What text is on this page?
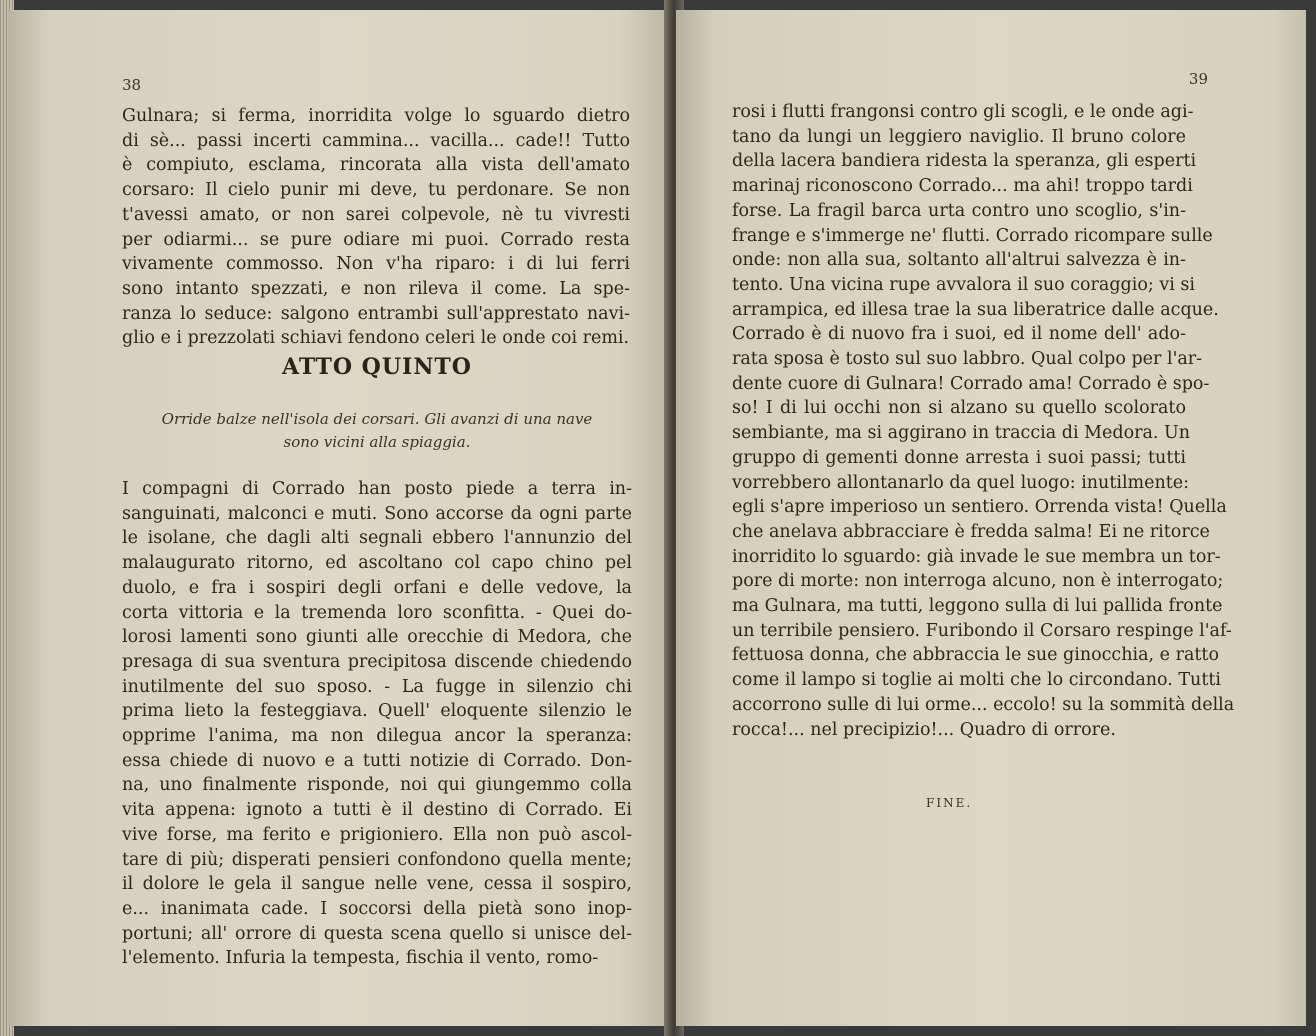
38
Gulnara; si ferma, inorridita volge lo sguardo dietro
di sè... passi incerti cammina... vacilla... cade!! Tutto
è compiuto, esclama, rincorata alla vista dell'amato
corsaro: Il cielo punir mi deve, tu perdonare. Se non
t'avessi amato, or non sarei colpevole, nè tu vivresti
per odiarmi... se pure odiare mi puoi. Corrado resta
vivamente commosso. Non v'ha riparo: i di lui ferri
sono intanto spezzati, e non rileva il come. La spe-
ranza lo seduce: salgono entrambi sull'apprestato navi-
glio e i prezzolati schiavi fendono celeri le onde coi remi.
ATTO QUINTO
Orride balze nell'isola dei corsari. Gli avanzi di una nave
sono vicini alla spiaggia.
I compagni di Corrado han posto piede a terra in-
sanguinati, malconci e muti. Sono accorse da ogni parte
le isolane, che dagli alti segnali ebbero l'annunzio del
malaugurato ritorno, ed ascoltano col capo chino pel
duolo, e fra i sospiri degli orfani e delle vedove, la
corta vittoria e la tremenda loro sconfitta. - Quei do-
lorosi lamenti sono giunti alle orecchie di Medora, che
presaga di sua sventura precipitosa discende chiedendo
inutilmente del suo sposo. - La fugge in silenzio chi
prima lieto la festeggiava. Quell' eloquente silenzio le
opprime l'anima, ma non dilegua ancor la speranza:
essa chiede di nuovo e a tutti notizie di Corrado. Don-
na, uno finalmente risponde, noi qui giungemmo colla
vita appena: ignoto a tutti è il destino di Corrado. Ei
vive forse, ma ferito e prigioniero. Ella non può ascol-
tare di più; disperati pensieri confondono quella mente;
il dolore le gela il sangue nelle vene, cessa il sospiro,
e... inanimata cade. I soccorsi della pietà sono inop-
portuni; all' orrore di questa scena quello si unisce del-
l'elemento. Infuria la tempesta, fischia il vento, romo-
39
rosi i flutti frangonsi contro gli scogli, e le onde agi-
tano da lungi un leggiero naviglio. Il bruno colore
della lacera bandiera ridesta la speranza, gli esperti
marinaj riconoscono Corrado... ma ahi! troppo tardi
forse. La fragil barca urta contro uno scoglio, s'in-
frange e s'immerge ne' flutti. Corrado ricompare sulle
onde: non alla sua, soltanto all'altrui salvezza è in-
tento. Una vicina rupe avvalora il suo coraggio; vi si
arrampica, ed illesa trae la sua liberatrice dalle acque.
Corrado è di nuovo fra i suoi, ed il nome dell' ado-
rata sposa è tosto sul suo labbro. Qual colpo per l'ar-
dente cuore di Gulnara! Corrado ama! Corrado è spo-
so! I di lui occhi non si alzano su quello scolorato
sembiante, ma si aggirano in traccia di Medora. Un
gruppo di gementi donne arresta i suoi passi; tutti
vorrebbero allontanarlo da quel luogo: inutilmente:
egli s'apre imperioso un sentiero. Orrenda vista! Quella
che anelava abbracciare è fredda salma! Ei ne ritorce
inorridito lo sguardo: già invade le sue membra un tor-
pore di morte: non interroga alcuno, non è interrogato;
ma Gulnara, ma tutti, leggono sulla di lui pallida fronte
un terribile pensiero. Furibondo il Corsaro respinge l'af-
fettuosa donna, che abbraccia le sue ginocchia, e ratto
come il lampo si toglie ai molti che lo circondano. Tutti
accorrono sulle di lui orme... eccolo! su la sommità della
rocca!... nel precipizio!... Quadro di orrore.
FINE.
